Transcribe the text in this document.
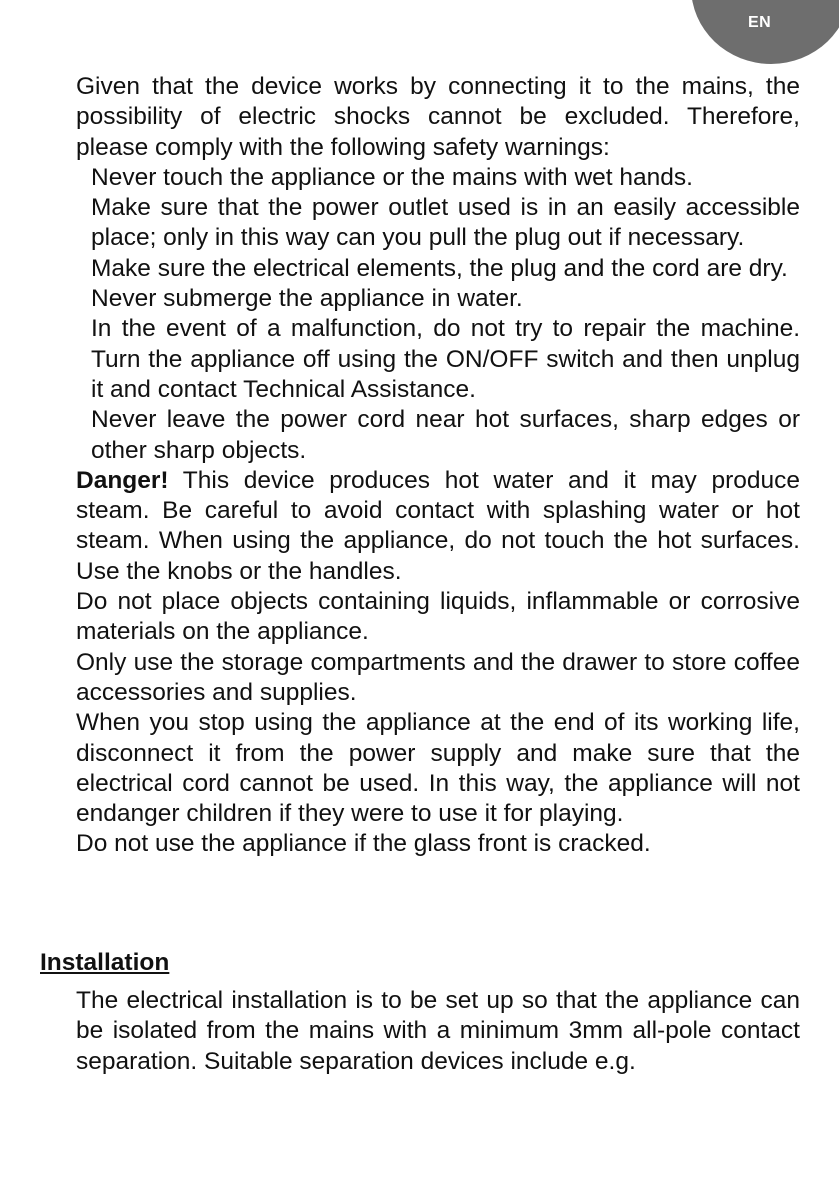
EN

Given that the device works by connecting it to the mains, the possibility of electric shocks cannot be excluded. Therefore, please comply with the following safety warnings:

Never touch the appliance or the mains with wet hands.

Make sure that the power outlet used is in an easily accessible place; only in this way can you pull the plug out if necessary.

Make sure the electrical elements, the plug and the cord are dry.

Never submerge the appliance in water.

In the event of a malfunction, do not try to repair the machine. Turn the appliance off using the ON/OFF switch and then unplug it and contact Technical Assistance.

Never leave the power cord near hot surfaces, sharp edges or other sharp objects.

Danger! This device produces hot water and it may produce steam. Be careful to avoid contact with splashing water or hot steam. When using the appliance, do not touch the hot surfaces. Use the knobs or the handles.

Do not place objects containing liquids, inflammable or corrosive materials on the appliance.

Only use the storage compartments and the drawer to store coffee accessories and supplies.

When you stop using the appliance at the end of its working life, disconnect it from the power supply and make sure that the electrical cord cannot be used. In this way, the appliance will not endanger children if they were to use it for playing.

Do not use the appliance if the glass front is cracked.

Installation

The electrical installation is to be set up so that the appliance can be isolated from the mains with a minimum 3mm all-pole contact separation. Suitable separation devices include e.g.
